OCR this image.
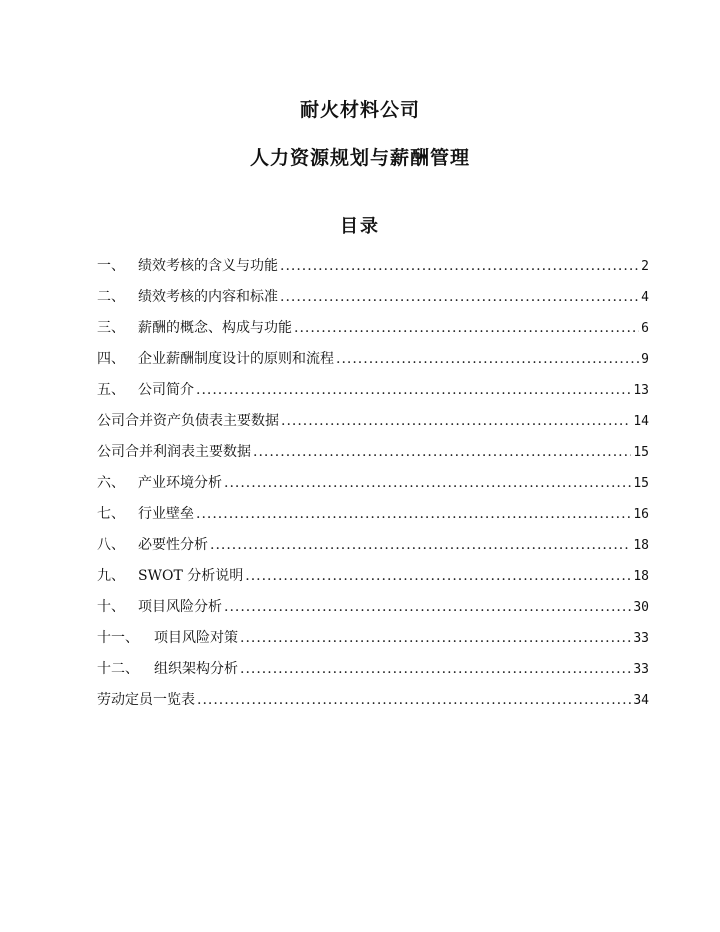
耐火材料公司
人力资源规划与薪酬管理
目录
一、 绩效考核的含义与功能 .....	2
二、 绩效考核的内容和标准 .....	4
三、 薪酬的概念、构成与功能 .....	6
四、 企业薪酬制度设计的原则和流程 .....	9
五、 公司简介 .....	13
公司合并资产负债表主要数据 .....	14
公司合并利润表主要数据 .....	15
六、 产业环境分析 .....	15
七、 行业壁垒 .....	16
八、 必要性分析 .....	18
九、 SWOT 分析说明 .....	18
十、 项目风险分析 .....	30
十一、	项目风险对策 .....	33
十二、	组织架构分析 .....	33
劳动定员一览表 .....	34
